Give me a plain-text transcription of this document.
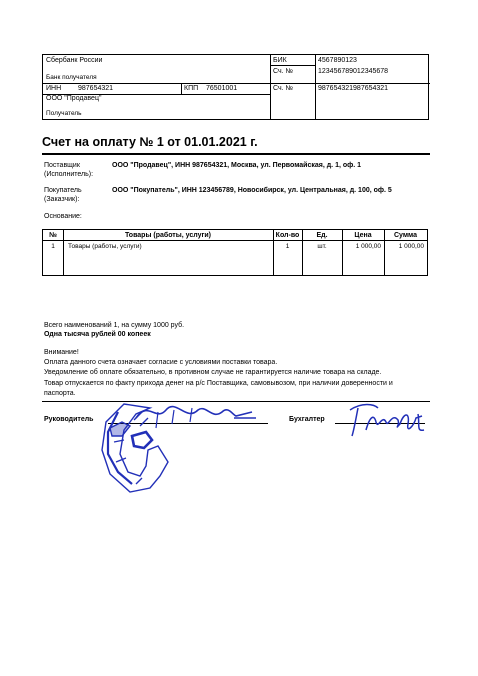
Сбербанк России
Банк получателя
БИК	4567890123
Сч. №	123456789012345678
ИНН 987654321	КПП 76501001	Сч. №	987654321987654321
ООО "Продавец"
Получатель
Счет на оплату № 1 от 01.01.2021 г.
Поставщик
(Исполнитель):
ООО "Продавец", ИНН 987654321, Москва, ул. Первомайская, д. 1, оф. 1
Покупатель
(Заказчик):
ООО "Покупатель", ИНН 123456789, Новосибирск, ул. Центральная, д. 100, оф. 5
Основание:
№	Товары (работы, услуги)	Кол-во	Ед.	Цена	Сумма
1	Товары (работы, услуги)	1	шт.	1 000,00	1 000,00
Всего наименований 1, на сумму 1000 руб.
Одна тысяча рублей 00 копеек
Внимание!
Оплата данного счета означает согласие с условиями поставки товара.
Уведомление об оплате обязательно, в противном случае не гарантируется наличие товара на складе.
Товар отпускается по факту прихода денег на р/с Поставщика, самовывозом, при наличии доверенности и
паспорта.
Руководитель	Бухгалтер
